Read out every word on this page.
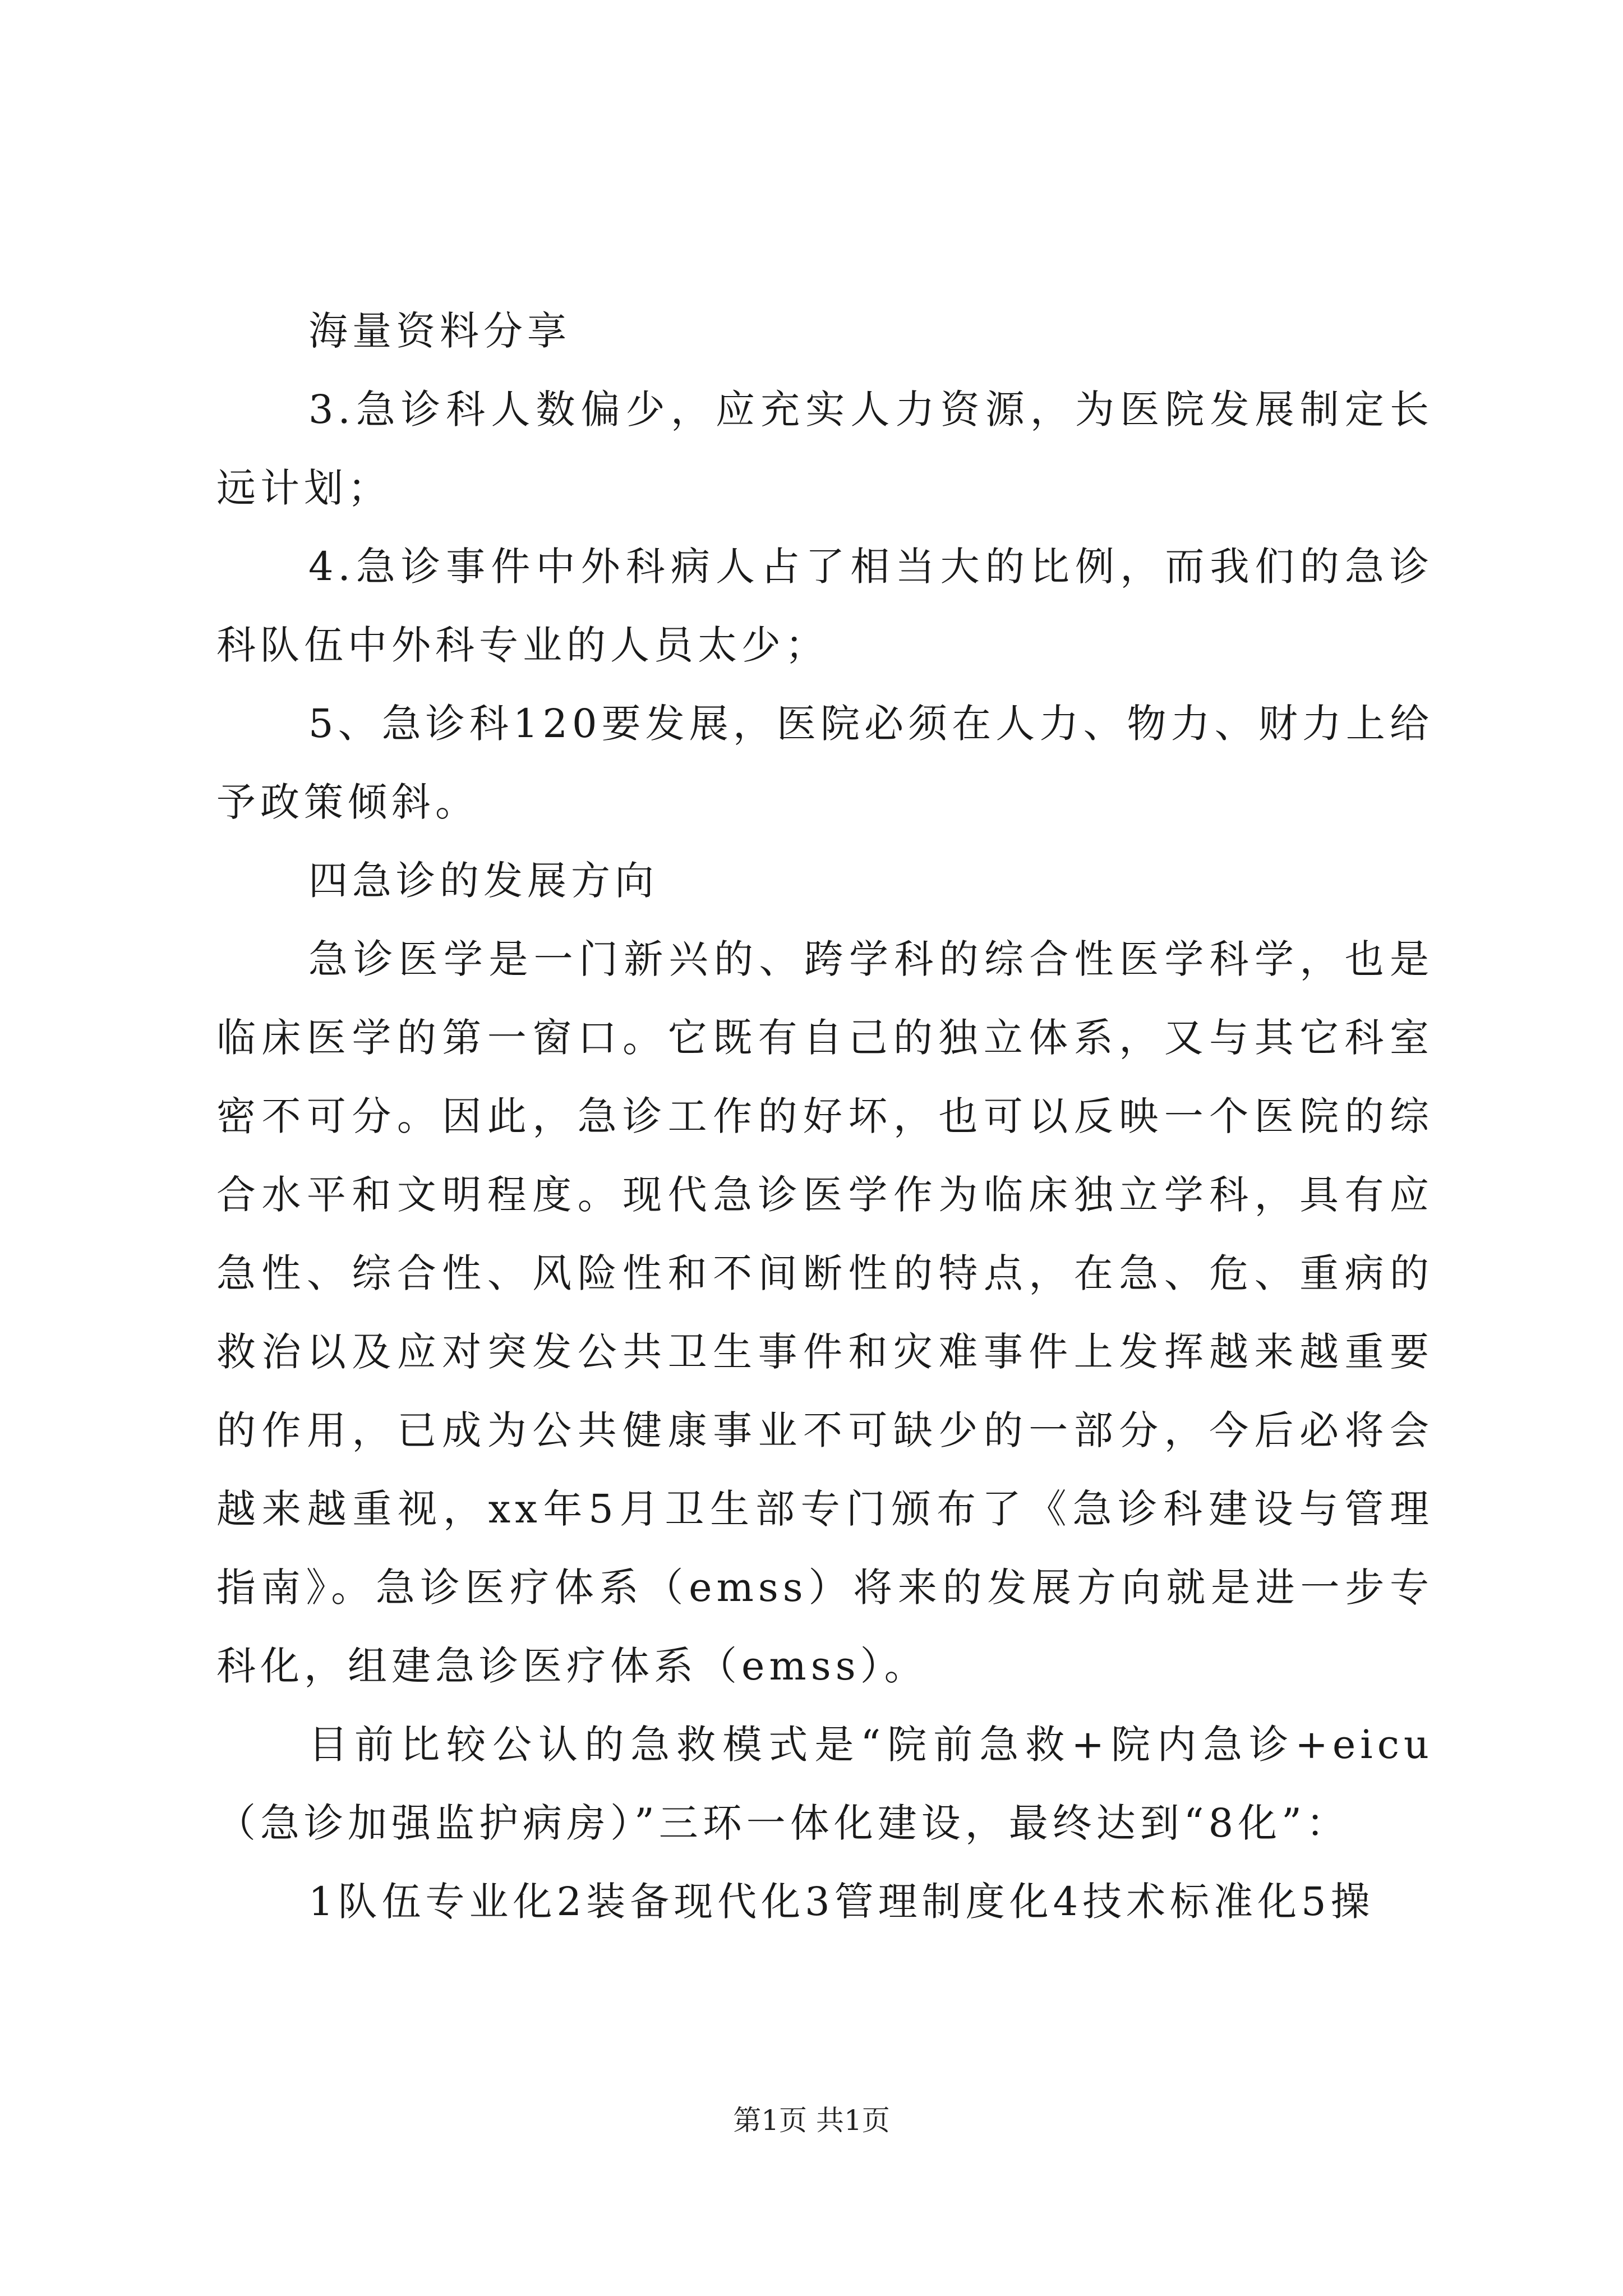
海量资料分享

3.急诊科人数偏少，应充实人力资源，为医院发展制定长远计划；

4.急诊事件中外科病人占了相当大的比例，而我们的急诊科队伍中外科专业的人员太少；

5、急诊科120要发展，医院必须在人力、物力、财力上给予政策倾斜。

四急诊的发展方向

急诊医学是一门新兴的、跨学科的综合性医学科学，也是临床医学的第一窗口。它既有自己的独立体系，又与其它科室密不可分。因此，急诊工作的好坏，也可以反映一个医院的综合水平和文明程度。现代急诊医学作为临床独立学科，具有应急性、综合性、风险性和不间断性的特点，在急、危、重病的救治以及应对突发公共卫生事件和灾难事件上发挥越来越重要的作用，已成为公共健康事业不可缺少的一部分，今后必将会越来越重视，xx年5月卫生部专门颁布了《急诊科建设与管理指南》。急诊医疗体系（emss）将来的发展方向就是进一步专科化，组建急诊医疗体系（emss）。

目前比较公认的急救模式是“院前急救+院内急诊+eicu（急诊加强监护病房）”三环一体化建设，最终达到“8化”：

1队伍专业化2装备现代化3管理制度化4技术标准化5操

第1页 共1页
